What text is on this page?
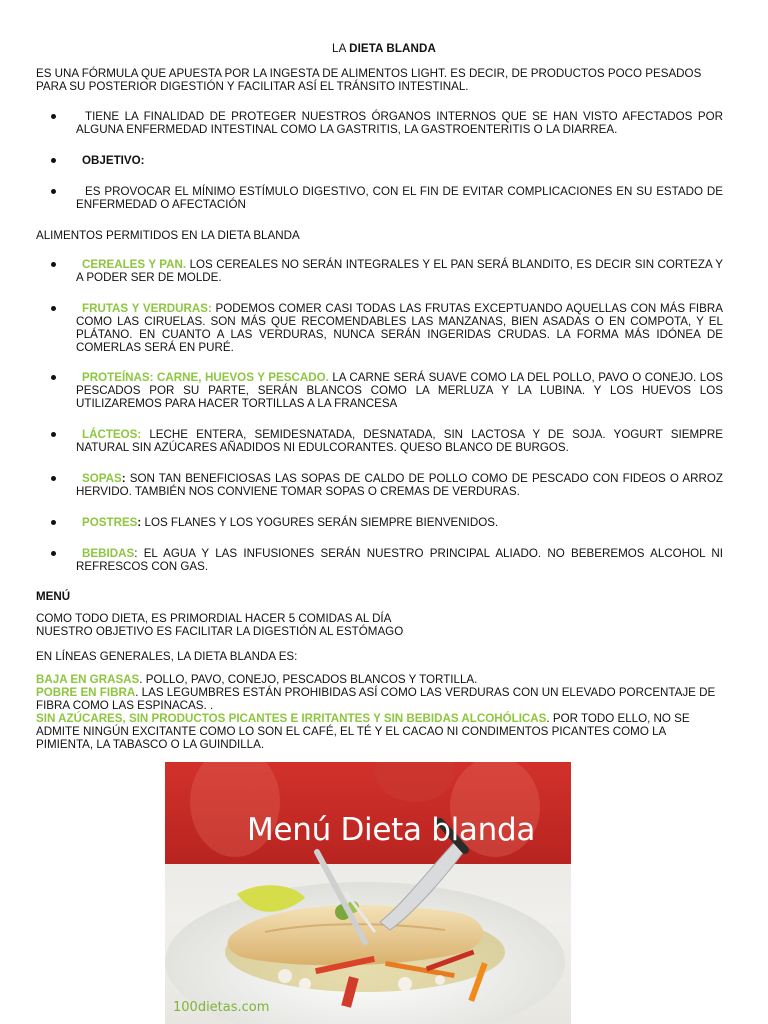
LA DIETA BLANDA
ES UNA FÓRMULA QUE APUESTA POR LA INGESTA DE ALIMENTOS LIGHT. ES DECIR, DE PRODUCTOS POCO PESADOS
PARA SU POSTERIOR DIGESTIÓN Y FACILITAR ASÍ EL TRÁNSITO INTESTINAL.
TIENE LA FINALIDAD DE PROTEGER NUESTROS ÓRGANOS INTERNOS QUE SE HAN VISTO AFECTADOS POR ALGUNA ENFERMEDAD INTESTINAL COMO LA GASTRITIS, LA GASTROENTERITIS O LA DIARREA.
OBJETIVO:
ES PROVOCAR EL MÍNIMO ESTÍMULO DIGESTIVO, CON EL FIN DE EVITAR COMPLICACIONES EN SU ESTADO DE ENFERMEDAD O AFECTACIÓN
ALIMENTOS PERMITIDOS EN LA DIETA BLANDA
CEREALES Y PAN. LOS CEREALES NO SERÁN INTEGRALES Y EL PAN SERÁ BLANDITO, ES DECIR SIN CORTEZA Y A PODER SER DE MOLDE.
FRUTAS Y VERDURAS: PODEMOS COMER CASI TODAS LAS FRUTAS EXCEPTUANDO AQUELLAS CON MÁS FIBRA COMO LAS CIRUELAS. SON MÁS QUE RECOMENDABLES LAS MANZANAS, BIEN ASADAS O EN COMPOTA, Y EL PLÁTANO. EN CUANTO A LAS VERDURAS, NUNCA SERÁN INGERIDAS CRUDAS. LA FORMA MÁS IDÓNEA DE COMERLAS SERÁ EN PURÉ.
PROTEÍNAS: CARNE, HUEVOS Y PESCADO. LA CARNE SERÁ SUAVE COMO LA DEL POLLO, PAVO O CONEJO. LOS PESCADOS POR SU PARTE, SERÁN BLANCOS COMO LA MERLUZA Y LA LUBINA. Y LOS HUEVOS LOS UTILIZAREMOS PARA HACER TORTILLAS A LA FRANCESA
LÁCTEOS: LECHE ENTERA, SEMIDESNATADA, DESNATADA, SIN LACTOSA Y DE SOJA. YOGURT SIEMPRE NATURAL SIN AZÚCARES AÑADIDOS NI EDULCORANTES. QUESO BLANCO DE BURGOS.
SOPAS: SON TAN BENEFICIOSAS LAS SOPAS DE CALDO DE POLLO COMO DE PESCADO CON FIDEOS O ARROZ HERVIDO. TAMBIÉN NOS CONVIENE TOMAR SOPAS O CREMAS DE VERDURAS.
POSTRES: LOS FLANES Y LOS YOGURES SERÁN SIEMPRE BIENVENIDOS.
BEBIDAS: EL AGUA Y LAS INFUSIONES SERÁN NUESTRO PRINCIPAL ALIADO. NO BEBEREMOS ALCOHOL NI REFRESCOS CON GAS.
MENÚ
COMO TODO DIETA, ES PRIMORDIAL HACER 5 COMIDAS AL DÍA
NUESTRO OBJETIVO ES FACILITAR LA DIGESTIÓN AL ESTÓMAGO
EN LÍNEAS GENERALES, LA DIETA BLANDA ES:
BAJA EN GRASAS. POLLO, PAVO, CONEJO, PESCADOS BLANCOS Y TORTILLA.
POBRE EN FIBRA. LAS LEGUMBRES ESTÁN PROHIBIDAS ASÍ COMO LAS VERDURAS CON UN ELEVADO PORCENTAJE DE
FIBRA COMO LAS ESPINACAS. .
SIN AZÚCARES, SIN PRODUCTOS PICANTES E IRRITANTES Y SIN BEBIDAS ALCOHÓLICAS. POR TODO ELLO, NO SE
ADMITE NINGÚN EXCITANTE COMO LO SON EL CAFÉ, EL TÉ Y EL CACAO NI CONDIMENTOS PICANTES COMO LA
PIMIENTA, LA TABASCO O LA GUINDILLA.
Menú Dieta blanda
100dietas.com
